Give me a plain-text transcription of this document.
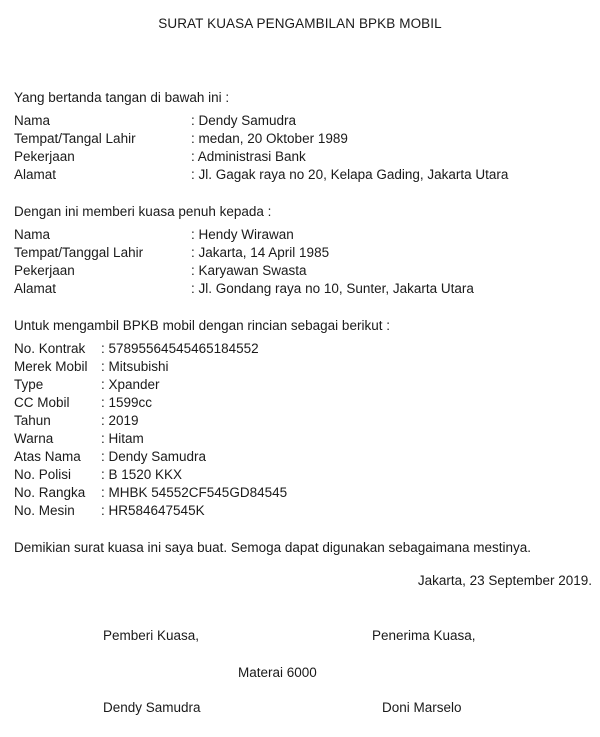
SURAT KUASA PENGAMBILAN BPKB MOBIL
Yang bertanda tangan di bawah ini :
Nama	: Dendy Samudra
Tempat/Tangal Lahir	: medan, 20 Oktober 1989
Pekerjaan	: Administrasi Bank
Alamat	: Jl. Gagak raya no 20, Kelapa Gading, Jakarta Utara
Dengan ini memberi kuasa penuh kepada :
Nama	: Hendy Wirawan
Tempat/Tanggal Lahir	: Jakarta, 14 April 1985
Pekerjaan	: Karyawan Swasta
Alamat	: Jl. Gondang raya no 10, Sunter, Jakarta Utara
Untuk mengambil BPKB mobil dengan rincian sebagai berikut :
No. Kontrak : 57895564545465184552
Merek Mobil : Mitsubishi
Type	: Xpander
CC Mobil : 1599cc
Tahun	: 2019
Warna	: Hitam
Atas Nama : Dendy Samudra
No. Polisi : B 1520 KKX
No. Rangka : MHBK 54552CF545GD84545
No. Mesin : HR584647545K
Demikian surat kuasa ini saya buat. Semoga dapat digunakan sebagaimana mestinya.
Jakarta, 23 September 2019.
Pemberi Kuasa,	Penerima Kuasa,
Materai 6000
Dendy Samudra	Doni Marselo
